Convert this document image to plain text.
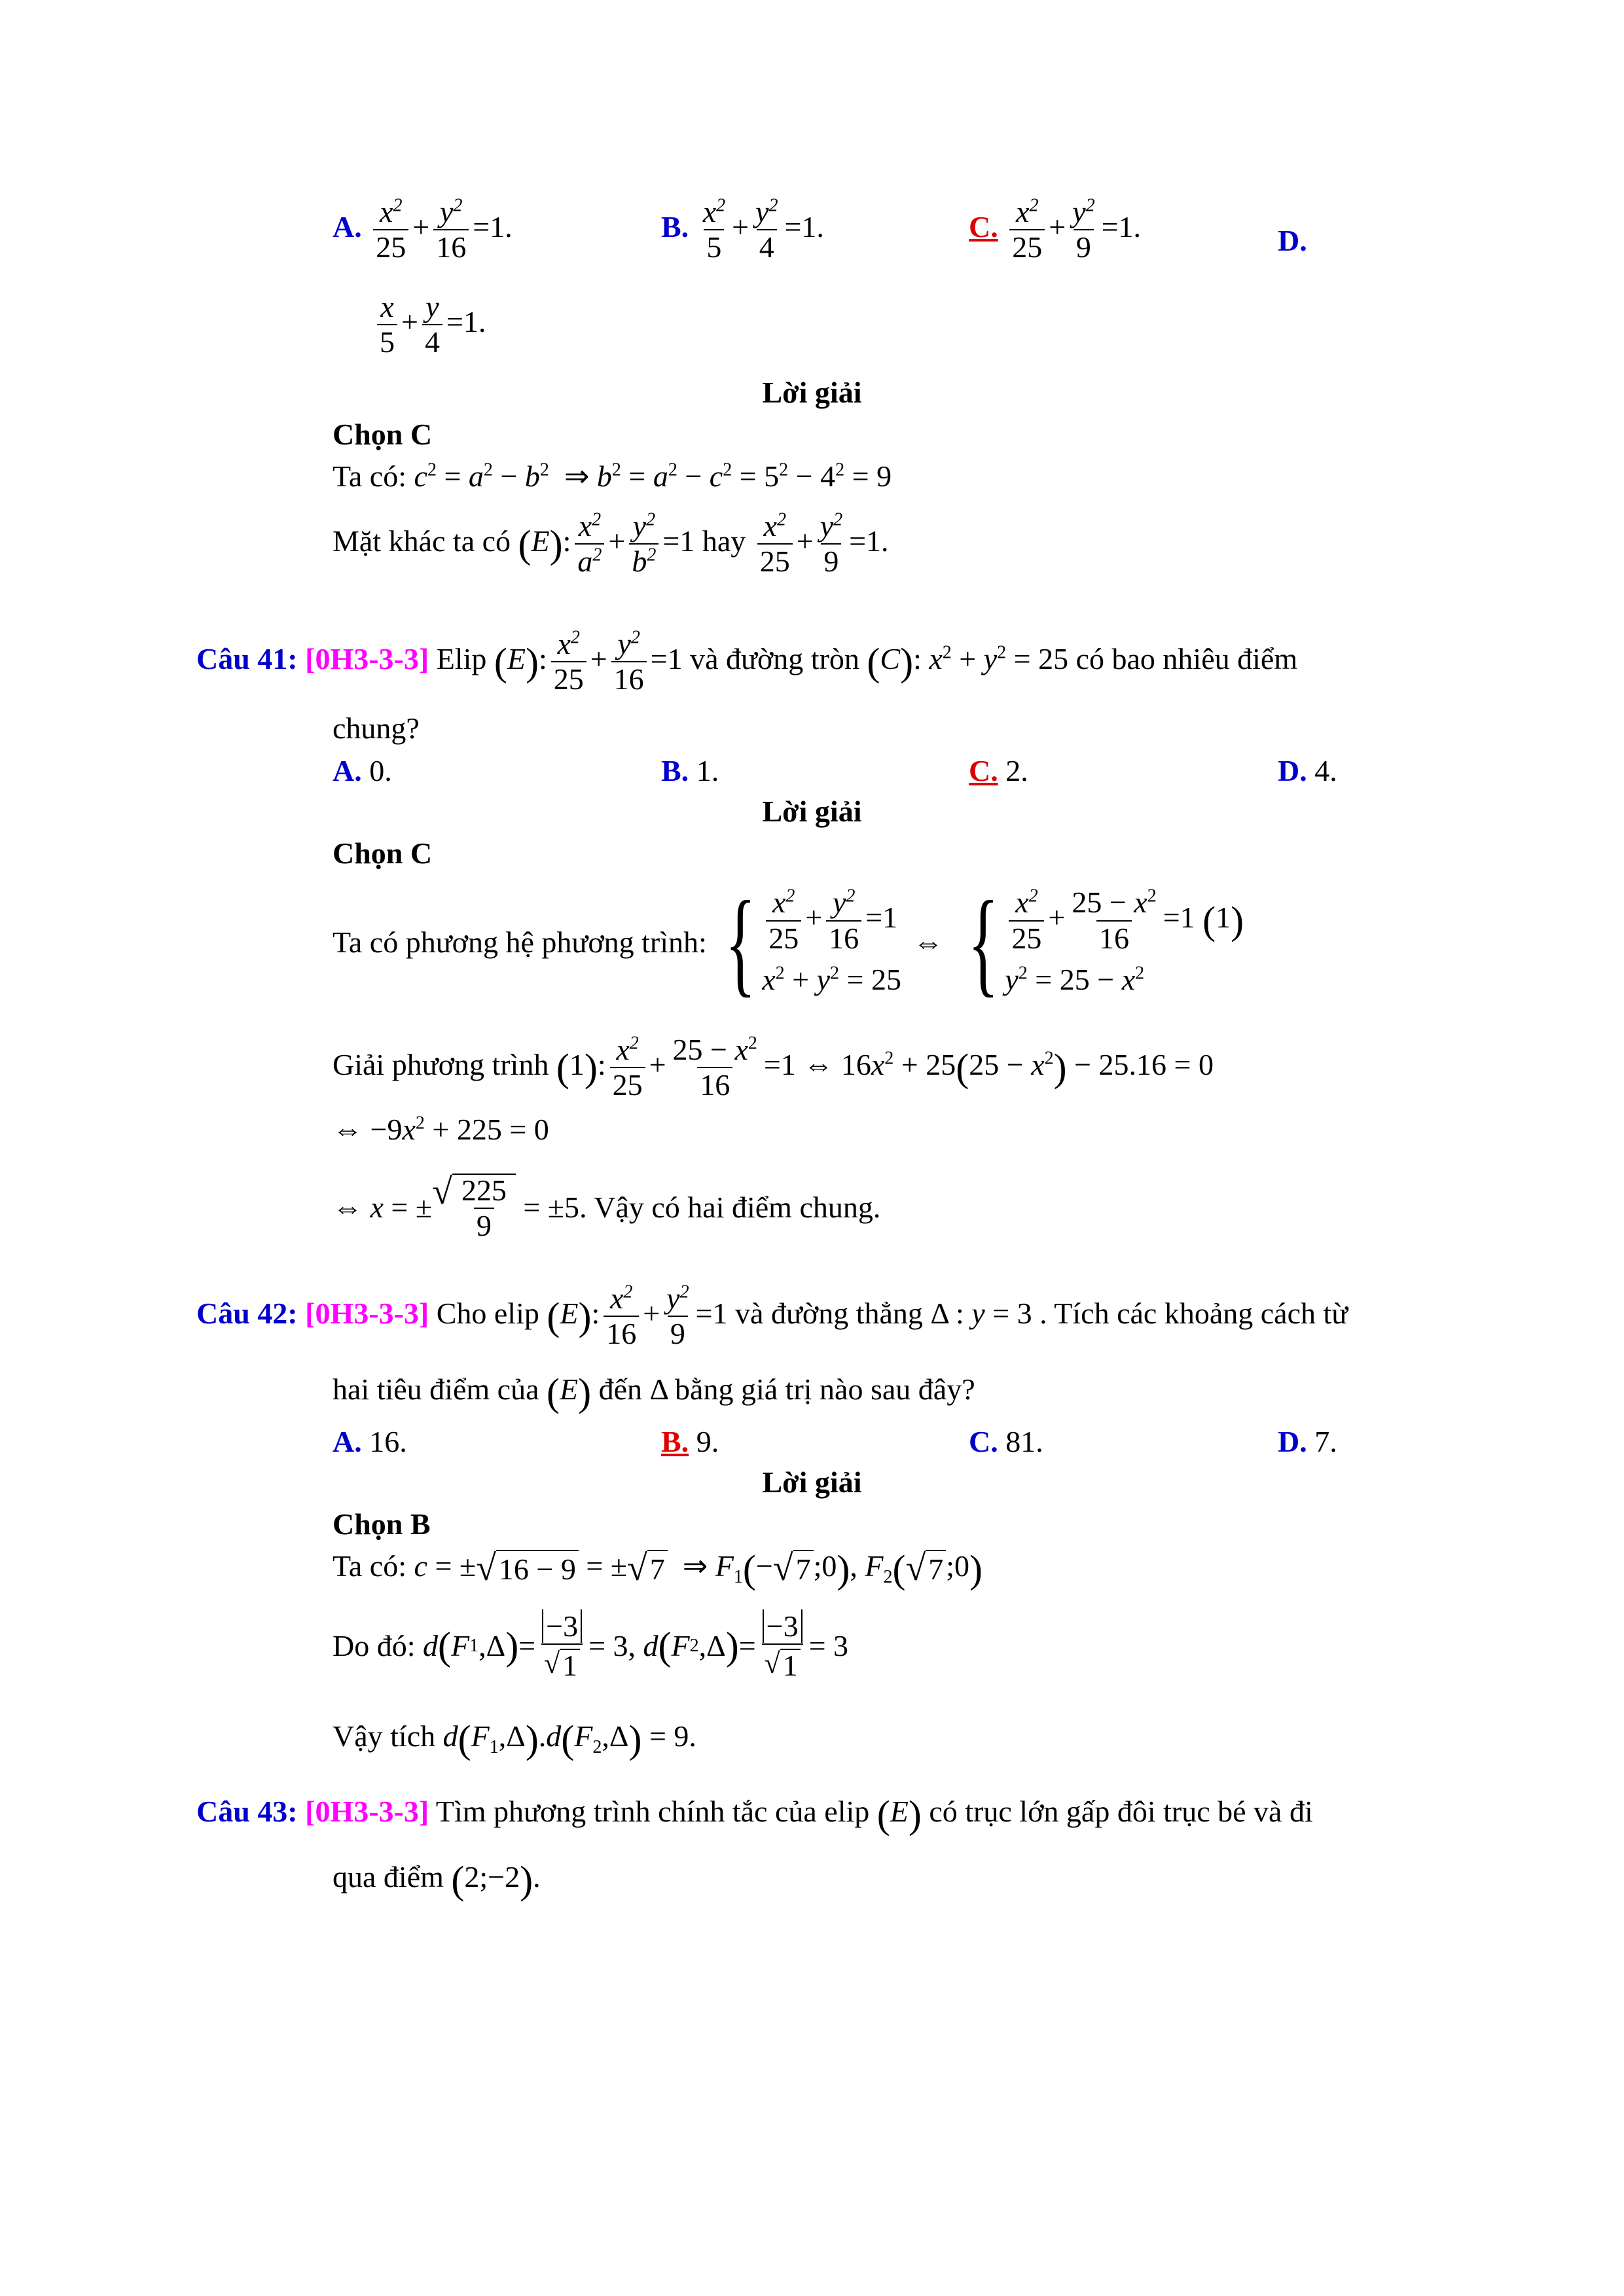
A. $\frac{x^2}{25} + \frac{y^2}{16} =1$.	B. $\frac{x^2}{5} + \frac{y^2}{4} =1$.	C. $\frac{x^2}{25} + \frac{y^2}{9} =1$.	D.
$\frac{x}{5} + \frac{y}{4} =1$.
Lời giải
Chọn C
Ta có: $c^2 = a^2 - b^2$  ⇒ $b^2 = a^2 - c^2 = 5^2 - 4^2 = 9$
Mặt khác ta có (E): $\frac{x^2}{a^2} + \frac{y^2}{b^2} =1$ hay $\frac{x^2}{25} + \frac{y^2}{9} =1$.
Câu 41: [0H3-3-3] Elip (E): $\frac{x^2}{25} + \frac{y^2}{16} =1$ và đường tròn (C): $x^2 + y^2 = 25$ có bao nhiêu điểm
chung?
A. 0.	B. 1.	C. 2.	D. 4.
Lời giải
Chọn C
Ta có phương hệ phương trình: { $\frac{x^2}{25} + \frac{y^2}{16} =1$
$x^2 + y^2 = 25$
⇔ { $\frac{x^2}{25} + \frac{25 - x^2}{16} =1$ (1)
$y^2 = 25 - x^2$
Giải phương trình (1): $\frac{x^2}{25} + \frac{25 - x^2}{16} =1$ ⇔ $16x^2 + 25(25 - x^2) - 25.16 = 0$
⇔ $-9x^2 + 225 = 0$
⇔ x = ± √ $\frac{225}{9} = \pm 5$ . Vậy có hai điểm chung.
Câu 42: [0H3-3-3] Cho elip (E): $\frac{x^2}{16} + \frac{y^2}{9} =1$ và đường thẳng Δ : y = 3 . Tích các khoảng cách từ
hai tiêu điểm của (E) đến Δ bằng giá trị nào sau đây?
A. 16.	B. 9.	C. 81.	D. 7.
Lời giải
Chọn B
Ta có: c = ± √ 16 − 9 = ± √ 7 ⇒ $F_1(-$ √ 7 ;0), $F_2$( √ 7 ;0)
Do đó:
d ( F 1 ,Δ ) = $\frac{-3}{√ 1} = 3$, d ( F 2 ,Δ ) = $\frac{-3}{√ 1} = 3$
Vậy tích $d(F_1,\Delta).d(F_2,\Delta) = 9$.
Câu 43: [0H3-3-3] Tìm phương trình chính tắc của elip (E) có trục lớn gấp đôi trục bé và đi
qua điểm (2;−2).
